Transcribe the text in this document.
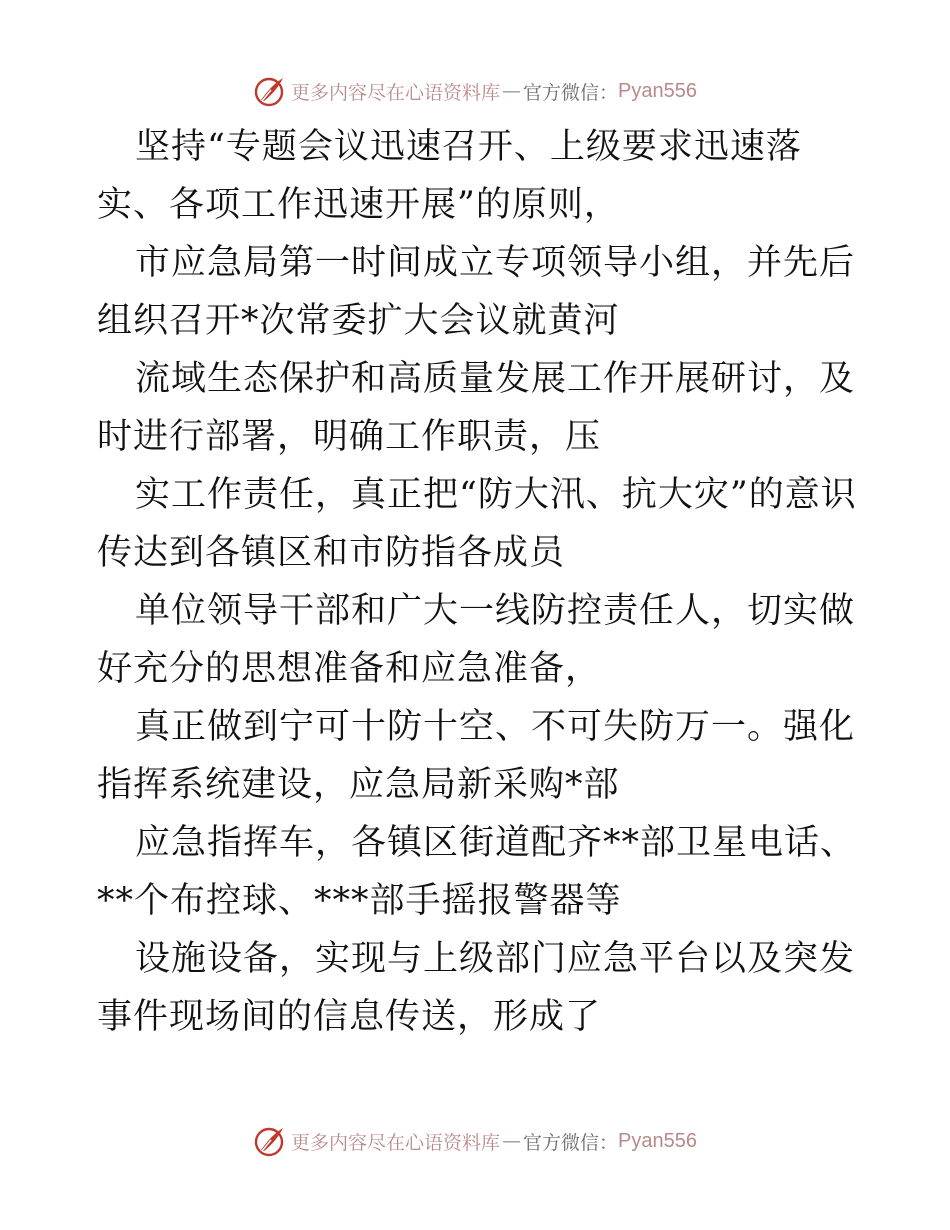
更多内容尽在心语资料库 — 官方微信： Pyan556

坚持“专题会议迅速召开、上级要求迅速落实、各项工作迅速开展”的原则，

市应急局第一时间成立专项领导小组，并先后组织召开*次常委扩大会议就黄河

流域生态保护和高质量发展工作开展研讨，及时进行部署，明确工作职责，压

实工作责任，真正把“防大汛、抗大灾”的意识传达到各镇区和市防指各成员

单位领导干部和广大一线防控责任人，切实做好充分的思想准备和应急准备，

真正做到宁可十防十空、不可失防万一。强化指挥系统建设，应急局新采购*部

应急指挥车，各镇区街道配齐**部卫星电话、**个布控球、***部手摇报警器等

设施设备，实现与上级部门应急平台以及突发事件现场间的信息传送，形成了

更多内容尽在心语资料库 — 官方微信： Pyan556
